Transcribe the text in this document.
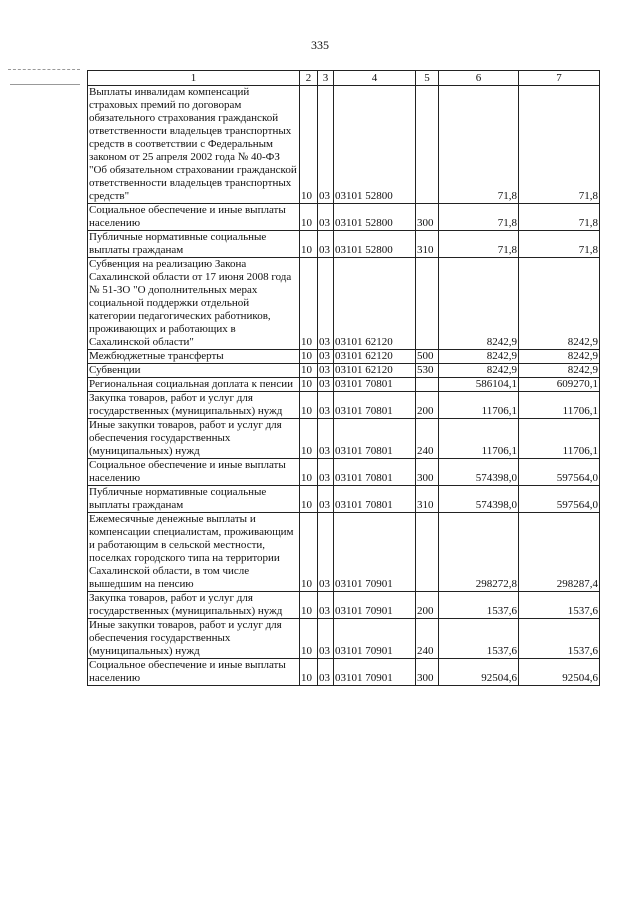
335
1	2	3	4	5	6	7
Выплаты инвалидам компенсаций страховых премий по договорам обязательного страхования гражданской ответственности владельцев транспортных средств в соответствии с Федеральным законом от 25 апреля 2002 года № 40-ФЗ "Об обязательном страховании гражданской ответственности владельцев транспортных средств"	10	03	03101 52800		71,8	71,8
Социальное обеспечение и иные выплаты населению	10	03	03101 52800	300	71,8	71,8
Публичные нормативные социальные выплаты гражданам	10	03	03101 52800	310	71,8	71,8
Субвенция на реализацию Закона Сахалинской области от 17 июня 2008 года № 51-ЗО "О дополнительных мерах социальной поддержки отдельной категории педагогических работников, проживающих и работающих в Сахалинской области"	10	03	03101 62120		8242,9	8242,9
Межбюджетные трансферты	10	03	03101 62120	500	8242,9	8242,9
Субвенции	10	03	03101 62120	530	8242,9	8242,9
Региональная социальная доплата к пенсии	10	03	03101 70801		586104,1	609270,1
Закупка товаров, работ и услуг для государственных (муниципальных) нужд	10	03	03101 70801	200	11706,1	11706,1
Иные закупки товаров, работ и услуг для обеспечения государственных (муниципальных) нужд	10	03	03101 70801	240	11706,1	11706,1
Социальное обеспечение и иные выплаты населению	10	03	03101 70801	300	574398,0	597564,0
Публичные нормативные социальные выплаты гражданам	10	03	03101 70801	310	574398,0	597564,0
Ежемесячные денежные выплаты и компенсации специалистам, проживающим и работающим в сельской местности, поселках городского типа на территории Сахалинской области, в том числе вышедшим на пенсию	10	03	03101 70901		298272,8	298287,4
Закупка товаров, работ и услуг для государственных (муниципальных) нужд	10	03	03101 70901	200	1537,6	1537,6
Иные закупки товаров, работ и услуг для обеспечения государственных (муниципальных) нужд	10	03	03101 70901	240	1537,6	1537,6
Социальное обеспечение и иные выплаты населению	10	03	03101 70901	300	92504,6	92504,6
